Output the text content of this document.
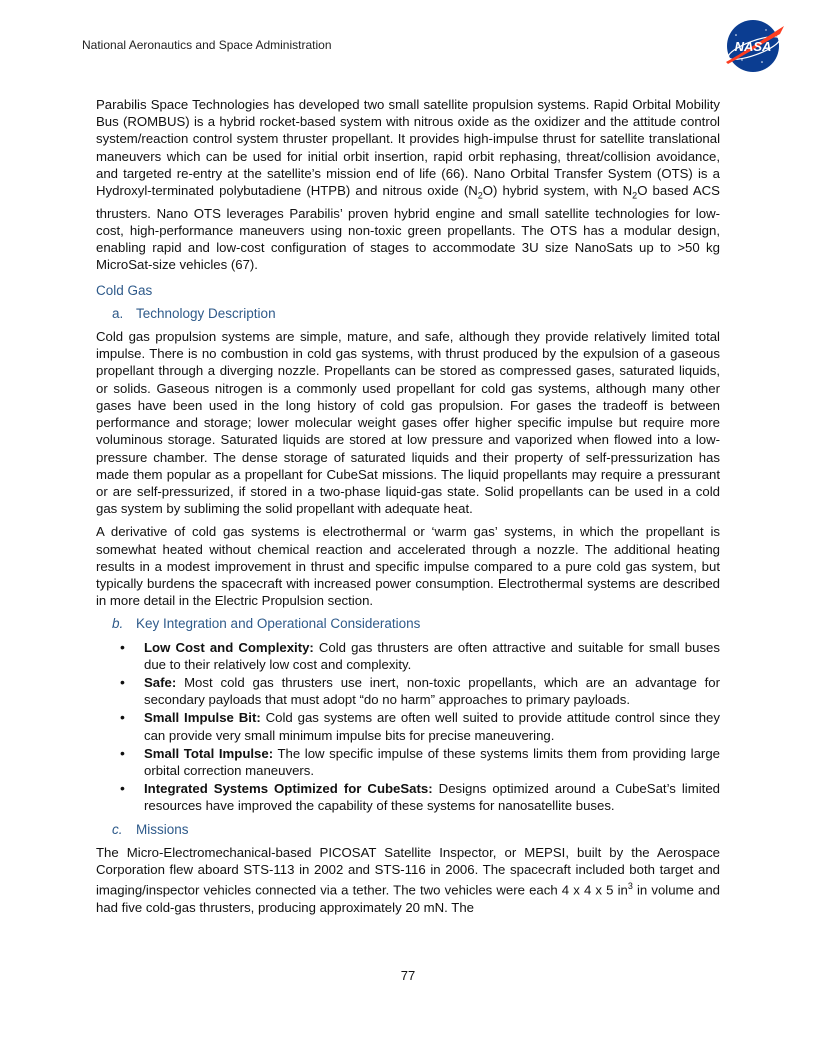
National Aeronautics and Space Administration	NASA

Parabilis Space Technologies has developed two small satellite propulsion systems. Rapid Orbital Mobility Bus (ROMBUS) is a hybrid rocket-based system with nitrous oxide as the oxidizer and the attitude control system/reaction control system thruster propellant. It provides high-impulse thrust for satellite translational maneuvers which can be used for initial orbit insertion, rapid orbit rephasing, threat/collision avoidance, and targeted re-entry at the satellite’s mission end of life (66). Nano Orbital Transfer System (OTS) is a Hydroxyl-terminated polybutadiene (HTPB) and nitrous oxide $(N_2O)$ hybrid system, with $N_2O$ based ACS thrusters. Nano OTS leverages Parabilis’ proven hybrid engine and small satellite technologies for low-cost, high-performance maneuvers using non-toxic green propellants. The OTS has a modular design, enabling rapid and low-cost configuration of stages to accommodate 3U size NanoSats up to >50 kg MicroSat-size vehicles (67).

Cold Gas
a. Technology Description

Cold gas propulsion systems are simple, mature, and safe, although they provide relatively limited total impulse. There is no combustion in cold gas systems, with thrust produced by the expulsion of a gaseous propellant through a diverging nozzle. Propellants can be stored as compressed gases, saturated liquids, or solids. Gaseous nitrogen is a commonly used propellant for cold gas systems, although many other gases have been used in the long history of cold gas propulsion. For gases the tradeoff is between performance and storage; lower molecular weight gases offer higher specific impulse but require more voluminous storage. Saturated liquids are stored at low pressure and vaporized when flowed into a low-pressure chamber. The dense storage of saturated liquids and their property of self-pressurization has made them popular as a propellant for CubeSat missions. The liquid propellants may require a pressurant or are self-pressurized, if stored in a two-phase liquid-gas state. Solid propellants can be used in a cold gas system by subliming the solid propellant with adequate heat.

A derivative of cold gas systems is electrothermal or ‘warm gas’ systems, in which the propellant is somewhat heated without chemical reaction and accelerated through a nozzle. The additional heating results in a modest improvement in thrust and specific impulse compared to a pure cold gas system, but typically burdens the spacecraft with increased power consumption. Electrothermal systems are described in more detail in the Electric Propulsion section.

b. Key Integration and Operational Considerations
• Low Cost and Complexity: Cold gas thrusters are often attractive and suitable for small buses due to their relatively low cost and complexity.
• Safe: Most cold gas thrusters use inert, non-toxic propellants, which are an advantage for secondary payloads that must adopt “do no harm” approaches to primary payloads.
• Small Impulse Bit: Cold gas systems are often well suited to provide attitude control since they can provide very small minimum impulse bits for precise maneuvering.
• Small Total Impulse: The low specific impulse of these systems limits them from providing large orbital correction maneuvers.
• Integrated Systems Optimized for CubeSats: Designs optimized around a CubeSat’s limited resources have improved the capability of these systems for nanosatellite buses.
c. Missions

The Micro-Electromechanical-based PICOSAT Satellite Inspector, or MEPSI, built by the Aerospace Corporation flew aboard STS-113 in 2002 and STS-116 in 2006. The spacecraft included both target and imaging/inspector vehicles connected via a tether. The two vehicles were each 4 x 4 x 5 $in^3$ in volume and had five cold-gas thrusters, producing approximately 20 mN. The

77
